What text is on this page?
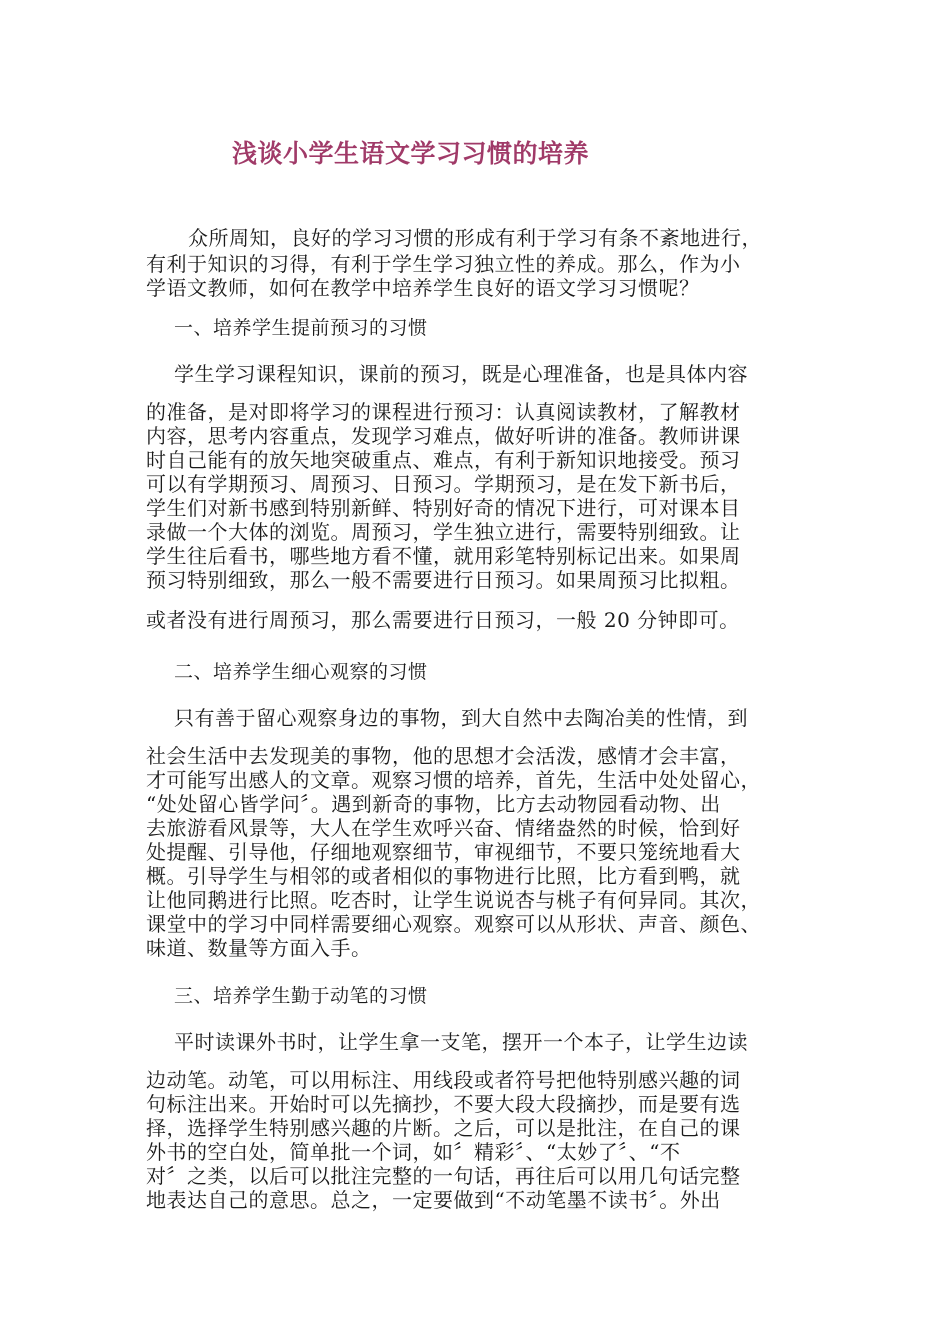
浅谈小学生语文学习习惯的培养
众所周知，良好的学习习惯的形成有利于学习有条不紊地进行，
有利于知识的习得，有利于学生学习独立性的养成。那么，作为小
学语文教师，如何在教学中培养学生良好的语文学习习惯呢？
一、培养学生提前预习的习惯
学生学习课程知识，课前的预习，既是心理准备，也是具体内容
的准备，是对即将学习的课程进行预习：认真阅读教材，了解教材
内容，思考内容重点，发现学习难点，做好听讲的准备。教师讲课
时自己能有的放矢地突破重点、难点，有利于新知识地接受。预习
可以有学期预习、周预习、日预习。学期预习，是在发下新书后，
学生们对新书感到特别新鲜、特别好奇的情况下进行，可对课本目
录做一个大体的浏览。周预习，学生独立进行，需要特别细致。让
学生往后看书，哪些地方看不懂，就用彩笔特别标记出来。如果周
预习特别细致，那么一般不需要进行日预习。如果周预习比拟粗。
或者没有进行周预习，那么需要进行日预习，一般 20 分钟即可。
二、培养学生细心观察的习惯
只有善于留心观察身边的事物，到大自然中去陶冶美的性情，到
社会生活中去发现美的事物，他的思想才会活泼，感情才会丰富，
才可能写出感人的文章。观察习惯的培养，首先，生活中处处留心，
“处处留心皆学问〞。遇到新奇的事物，比方去动物园看动物、出
去旅游看风景等，大人在学生欢呼兴奋、情绪盎然的时候，恰到好
处提醒、引导他，仔细地观察细节，审视细节，不要只笼统地看大
概。引导学生与相邻的或者相似的事物进行比照，比方看到鸭，就
让他同鹅进行比照。吃杏时，让学生说说杏与桃子有何异同。其次，
课堂中的学习中同样需要细心观察。观察可以从形状、声音、颜色、
味道、数量等方面入手。
三、培养学生勤于动笔的习惯
平时读课外书时，让学生拿一支笔，摆开一个本子，让学生边读
边动笔。动笔，可以用标注、用线段或者符号把他特别感兴趣的词
句标注出来。开始时可以先摘抄，不要大段大段摘抄，而是要有选
择，选择学生特别感兴趣的片断。之后，可以是批注，在自己的课
外书的空白处，简单批一个词，如〞精彩〞、“太妙了〞、“不
对〞之类，以后可以批注完整的一句话，再往后可以用几句话完整
地表达自己的意思。总之，一定要做到“不动笔墨不读书〞。外出
